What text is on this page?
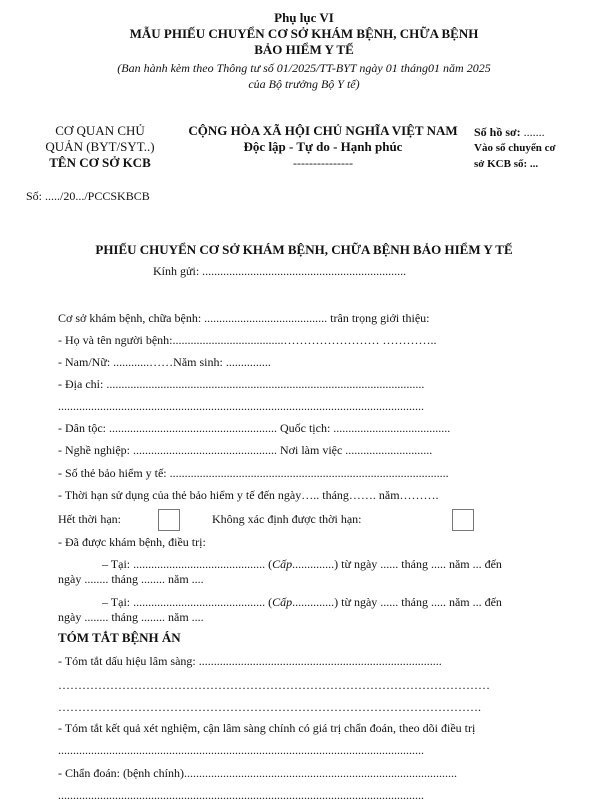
Phụ lục VI
MẪU PHIẾU CHUYỂN CƠ SỞ KHÁM BỆNH, CHỮA BỆNH
BẢO HIỂM Y TẾ
(Ban hành kèm theo Thông tư số 01/2025/TT-BYT ngày 01 tháng01 năm 2025
của Bộ trưởng Bộ Y tế)
CƠ QUAN CHỦ
QUẢN (BYT/SYT..)
TÊN CƠ SỞ KCB
CỘNG HÒA XÃ HỘI CHỦ NGHĨA VIỆT NAM
Độc lập - Tự do - Hạnh phúc
---------------
Số hồ sơ: .......
Vào sổ chuyển cơ
sở KCB số: ...
Số: ...../20.../PCCSKBCB
PHIẾU CHUYỂN CƠ SỞ KHÁM BỆNH, CHỮA BỆNH BẢO HIỂM Y TẾ
Kính gửi: ....................................................................
Cơ sở khám bệnh, chữa bệnh: ......................................... trân trọng giới thiệu:
- Họ và tên người bệnh:.....................................…………………… …………..
- Nam/Nữ: ............……Năm sinh: ...............
- Địa chỉ: ..........................................................................................................
..........................................................................................................................
- Dân tộc: ........................................................ Quốc tịch: .......................................
- Nghề nghiệp: ................................................ Nơi làm việc .............................
- Số thẻ bảo hiểm y tế: .............................................................................................
- Thời hạn sử dụng của thẻ bảo hiểm y tế đến ngày….. tháng……. năm……….
Hết thời hạn:	Không xác định được thời hạn:
- Đã được khám bệnh, điều trị:
– Tại: ............................................ (Cấp..............) từ ngày ...... tháng ..... năm ... đến
ngày ........ tháng ........ năm ....
– Tại: ............................................ (Cấp..............) từ ngày ...... tháng ..... năm ... đến
ngày ........ tháng ........ năm ....
TÓM TẮT BỆNH ÁN
- Tóm tắt dấu hiệu lâm sàng: .................................................................................
………………………………………………………………………………………………
…………………………………………………………………………………………….
- Tóm tắt kết quả xét nghiệm, cận lâm sàng chính có giá trị chẩn đoán, theo dõi điều trị
..........................................................................................................................
- Chẩn đoán: (bệnh chính)...........................................................................................
..........................................................................................................................
